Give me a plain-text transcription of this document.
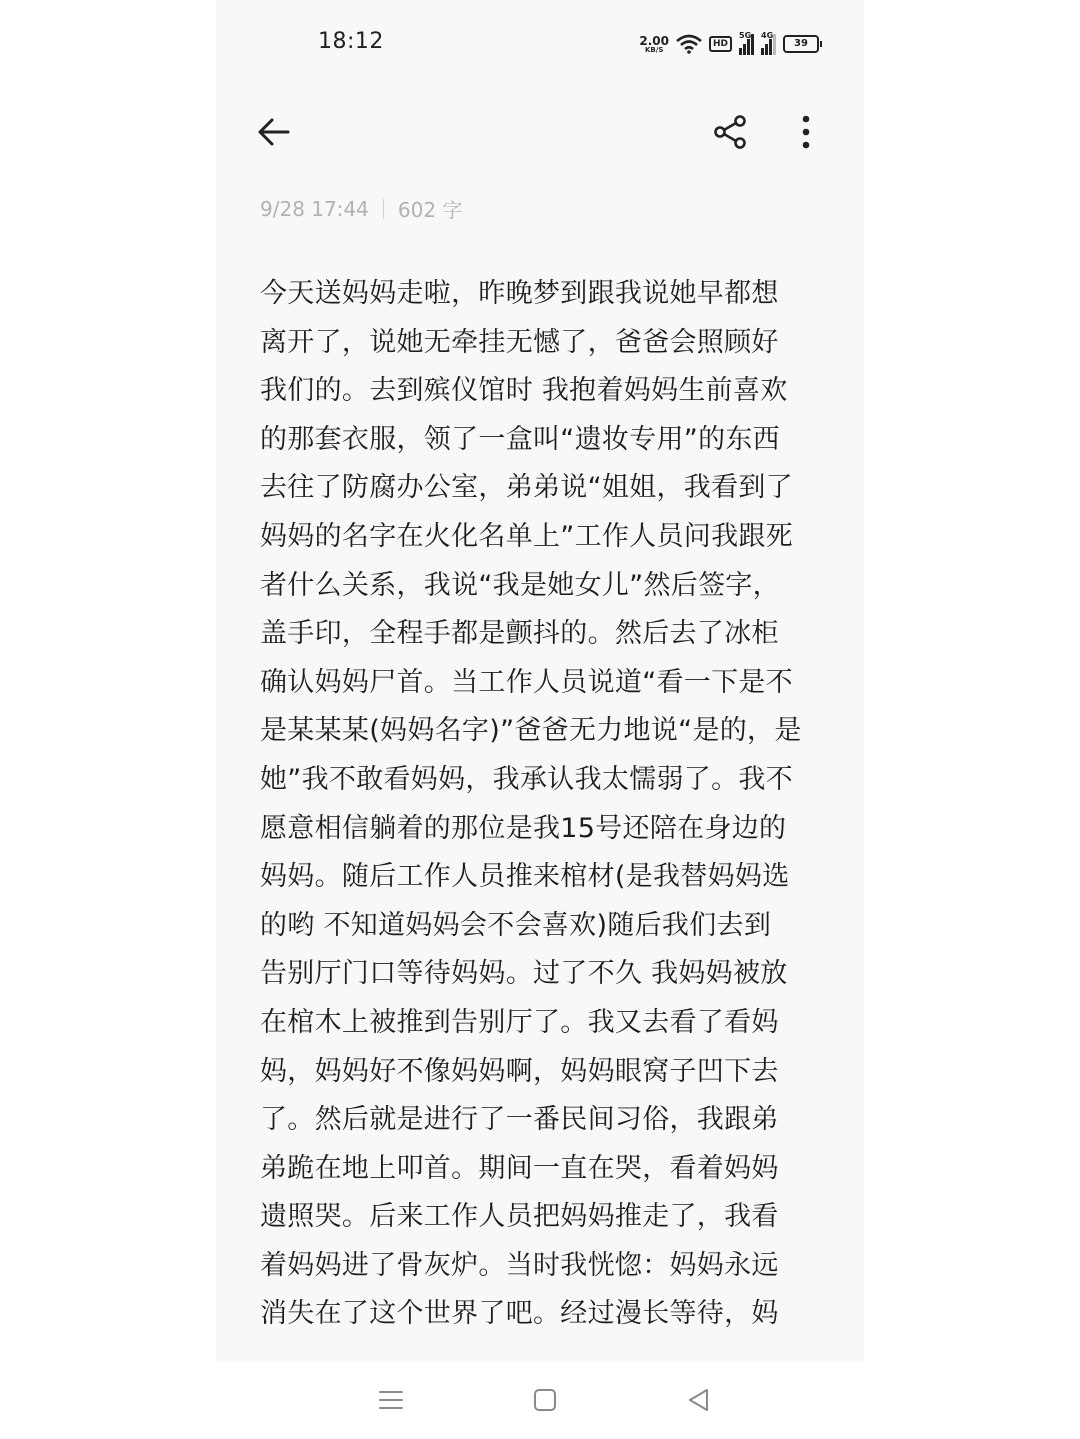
18:12	2.00
KB/S
HD
5G 4G
39
9/28 17:44 602 字
今天送妈妈走啦，昨晚梦到跟我说她早都想
离开了，说她无牵挂无憾了，爸爸会照顾好
我们的。去到殡仪馆时 我抱着妈妈生前喜欢
的那套衣服，领了一盒叫“遗妆专用”的东西
去往了防腐办公室，弟弟说“姐姐，我看到了
妈妈的名字在火化名单上”工作人员问我跟死
者什么关系，我说“我是她女儿”然后签字，
盖手印，全程手都是颤抖的。然后去了冰柜
确认妈妈尸首。当工作人员说道“看一下是不
是某某某(妈妈名字)”爸爸无力地说“是的，是
她”我不敢看妈妈，我承认我太懦弱了。我不
愿意相信躺着的那位是我15号还陪在身边的
妈妈。随后工作人员推来棺材(是我替妈妈选
的哟 不知道妈妈会不会喜欢)随后我们去到
告别厅门口等待妈妈。过了不久 我妈妈被放
在棺木上被推到告别厅了。我又去看了看妈
妈，妈妈好不像妈妈啊，妈妈眼窝子凹下去
了。然后就是进行了一番民间习俗，我跟弟
弟跪在地上叩首。期间一直在哭，看着妈妈
遗照哭。后来工作人员把妈妈推走了，我看
着妈妈进了骨灰炉。当时我恍惚：妈妈永远
消失在了这个世界了吧。经过漫长等待，妈
